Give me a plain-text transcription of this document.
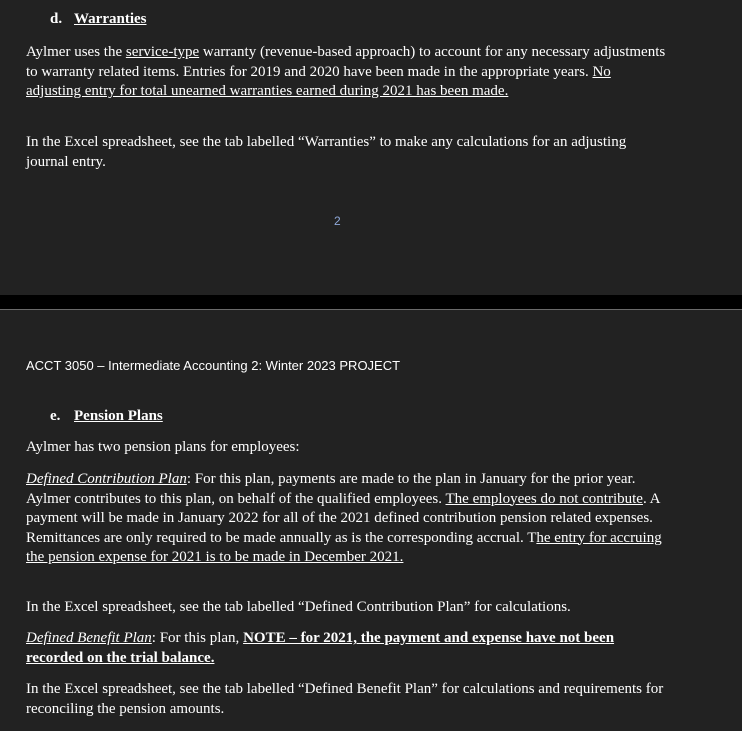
d. Warranties
Aylmer uses the service-type warranty (revenue-based approach) to account for any necessary adjustments to warranty related items. Entries for 2019 and 2020 have been made in the appropriate years. No adjusting entry for total unearned warranties earned during 2021 has been made.
In the Excel spreadsheet, see the tab labelled “Warranties” to make any calculations for an adjusting journal entry.
2
ACCT 3050 – Intermediate Accounting 2: Winter 2023 PROJECT
e. Pension Plans
Aylmer has two pension plans for employees:
Defined Contribution Plan: For this plan, payments are made to the plan in January for the prior year. Aylmer contributes to this plan, on behalf of the qualified employees. The employees do not contribute. A payment will be made in January 2022 for all of the 2021 defined contribution pension related expenses. Remittances are only required to be made annually as is the corresponding accrual. The entry for accruing the pension expense for 2021 is to be made in December 2021.
In the Excel spreadsheet, see the tab labelled “Defined Contribution Plan” for calculations.
Defined Benefit Plan: For this plan, NOTE – for 2021, the payment and expense have not been recorded on the trial balance.
In the Excel spreadsheet, see the tab labelled “Defined Benefit Plan” for calculations and requirements for reconciling the pension amounts.
